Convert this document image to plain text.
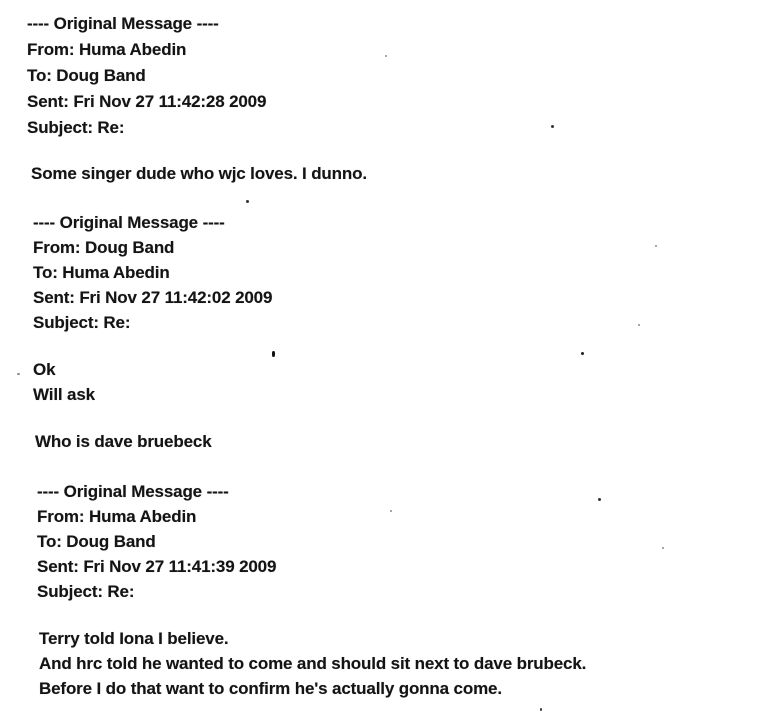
---- Original Message ----
From: Huma Abedin
To: Doug Band
Sent: Fri Nov 27 11:42:28 2009
Subject: Re:
Some singer dude who wjc loves. I dunno.
---- Original Message ----
From: Doug Band
To: Huma Abedin
Sent: Fri Nov 27 11:42:02 2009
Subject: Re:
Ok
Will ask
Who is dave bruebeck
---- Original Message ----
From: Huma Abedin
To: Doug Band
Sent: Fri Nov 27 11:41:39 2009
Subject: Re:
Terry told Iona I believe.
And hrc told he wanted to come and should sit next to dave brubeck.
Before I do that want to confirm he's actually gonna come.
